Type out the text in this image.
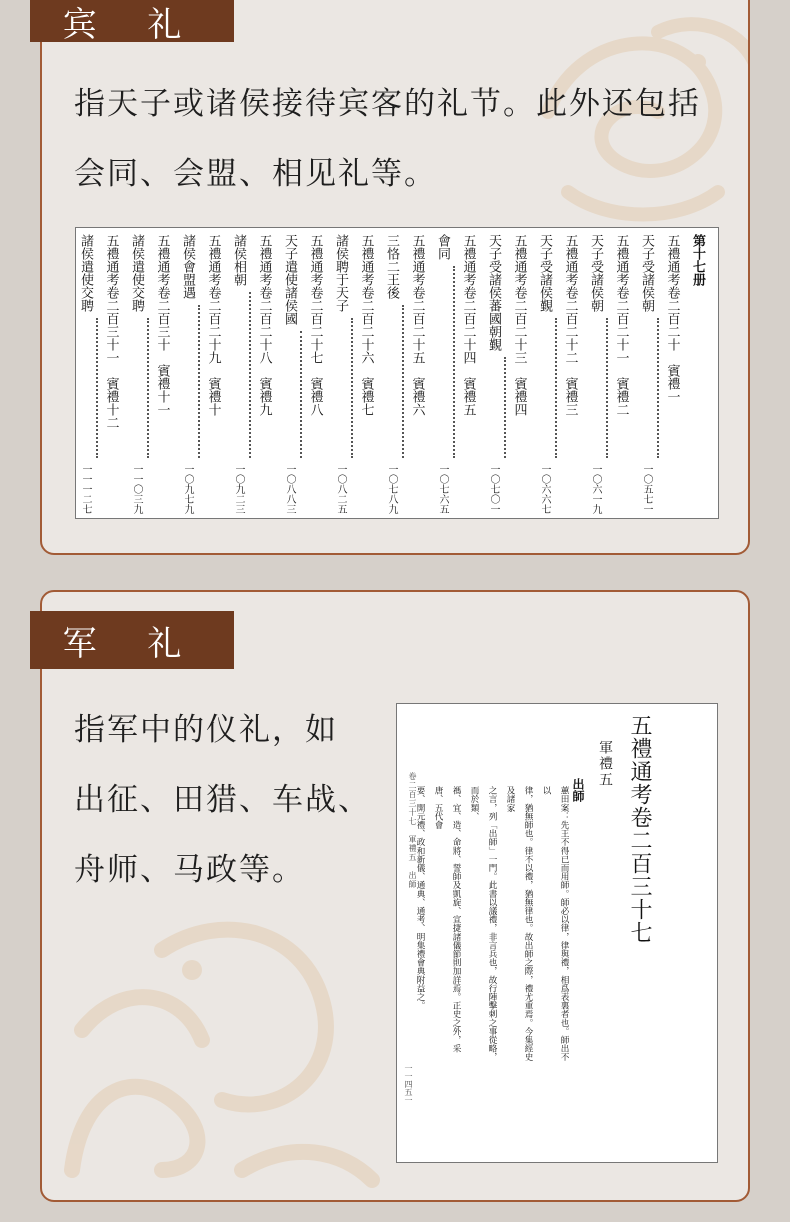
宾 礼
指天子或诸侯接待宾客的礼节。此外还包括
会同、会盟、相见礼等。
第十七册
五禮通考卷二百二十　賓禮一
天子受諸侯朝
一〇五七一
五禮通考卷二百二十一　賓禮二
天子受諸侯朝
一〇六一九
五禮通考卷二百二十二　賓禮三
天子受諸侯覲
一〇六六七
五禮通考卷二百二十三　賓禮四
天子受諸侯蕃國朝覲
一〇七〇一
五禮通考卷二百二十四　賓禮五
會同
一〇七六五
五禮通考卷二百二十五　賓禮六
三恪二王後
一〇七八九
五禮通考卷二百二十六　賓禮七
諸侯聘于天子
一〇八二五
五禮通考卷二百二十七　賓禮八
天子遣使諸侯國
一〇八八三
五禮通考卷二百二十八　賓禮九
諸侯相朝
一〇九二三
五禮通考卷二百二十九　賓禮十
諸侯會盟遇
一〇九七九
五禮通考卷二百三十　賓禮十一
諸侯遣使交聘
一一〇三九
五禮通考卷二百三十一　賓禮十二
諸侯遣使交聘
一一一二七
军 礼
指军中的仪礼，如
出征、田猎、车战、
舟师、马政等。	五禮通考卷二百三十七
軍禮五
出師
蕙田案：先王不得已而用師。師必以律，律與禮，相爲表裏者也。師出不以
律，猶無師也。律不以禮，猶無律也。故出師之際，禮尤重焉。今集經史及諸家
之言，列「出師」一門。此書以議禮，非言兵也，故行陣擊刺之事從略，而於類、
禡、宜、造、命將、誓師及凱旋、宣捷諸儀節則加詳焉。正史之外，采唐、五代會
要、開元禮、政和新儀、通典、通考、明集禮會典附益之。
卷二百三十七　軍禮五　出師
一一四五一
